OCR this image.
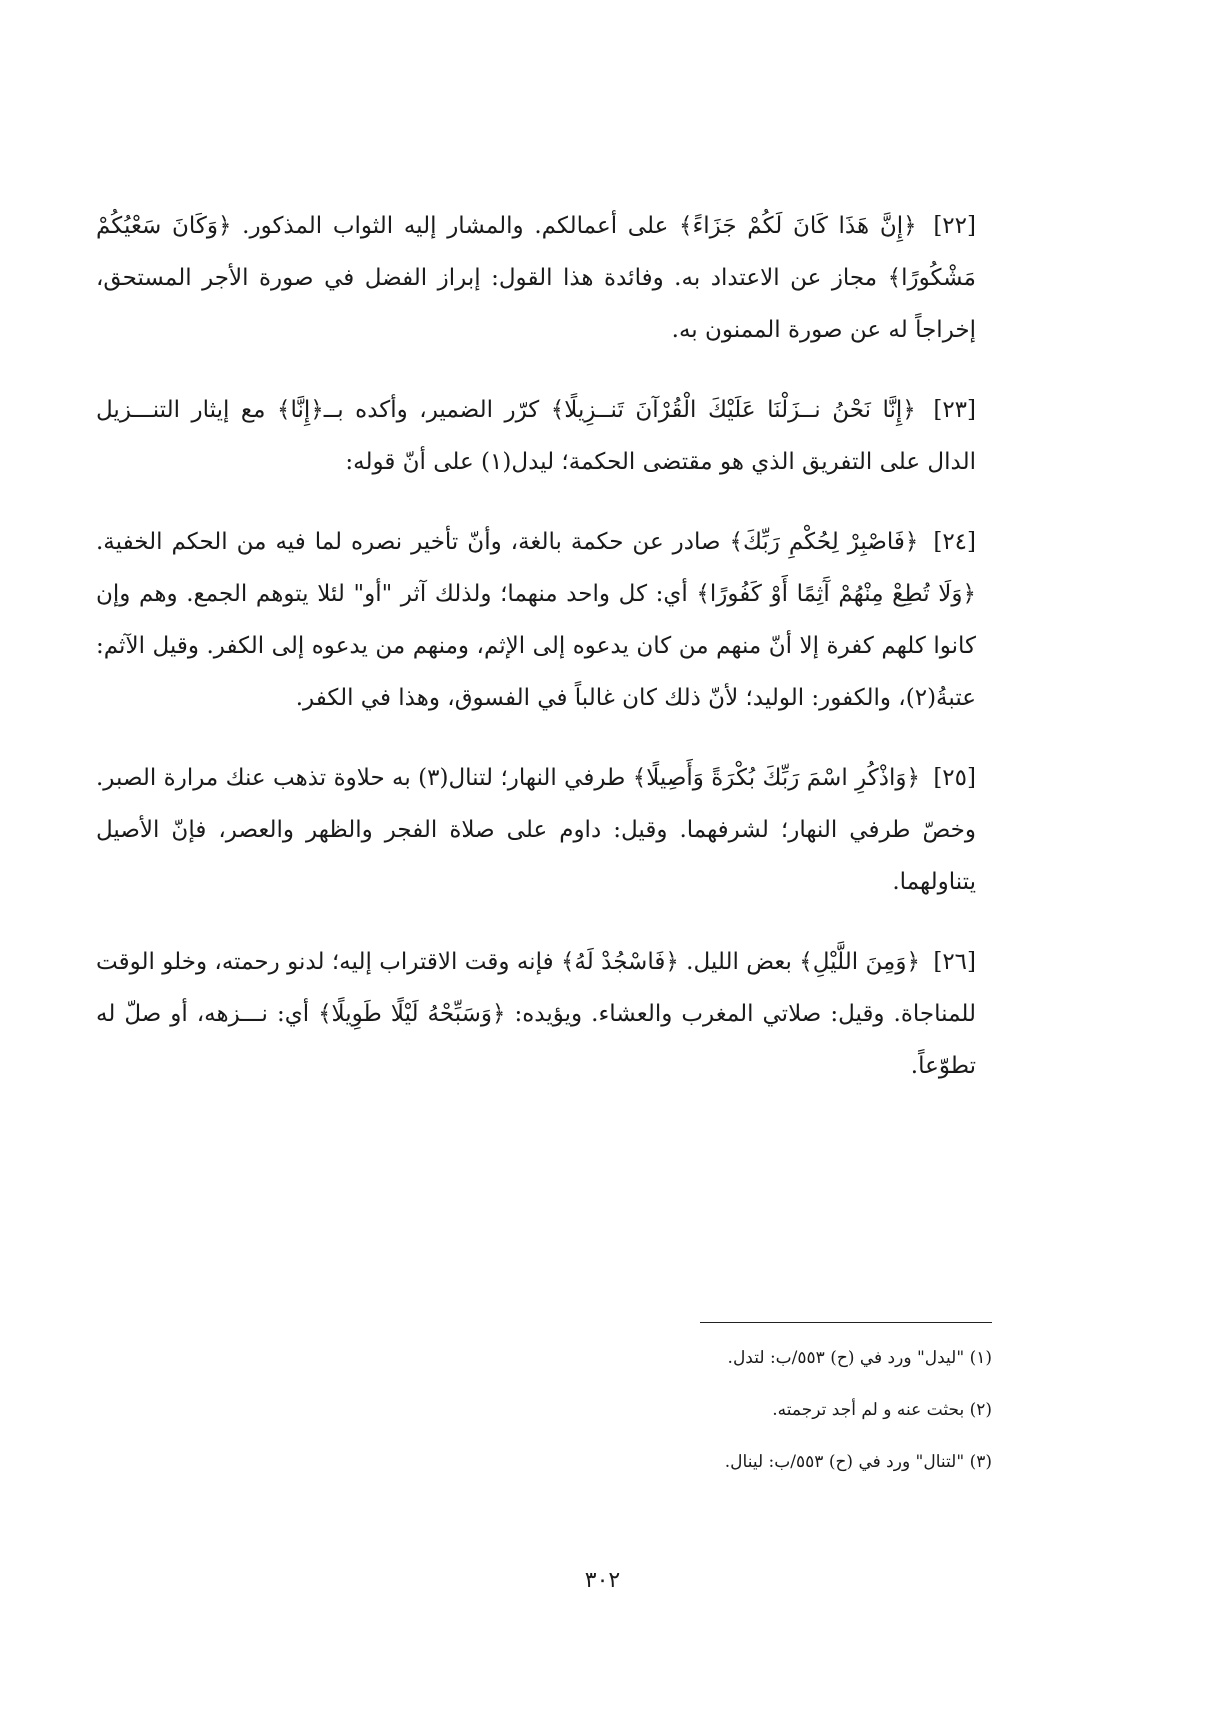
[٢٢] ﴿إِنَّ هَذَا كَانَ لَكُمْ جَزَاءً﴾ على أعمالكم. والمشار إليه الثواب المذكور. ﴿وَكَانَ سَعْيُكُمْ مَشْكُورًا﴾ مجاز عن الاعتداد به. وفائدة هذا القول: إبراز الفضل في صورة الأجر المستحق، إخراجاً له عن صورة الممنون به.

[٢٣] ﴿إِنَّا نَحْنُ نــزَلْنَا عَلَيْكَ الْقُرْآنَ تَنــزِيلًا﴾ كرّر الضمير، وأكده بــ﴿إِنَّا﴾ مع إيثار التنـــزيل الدال على التفريق الذي هو مقتضى الحكمة؛ ليدل(١) على أنّ قوله:

[٢٤] ﴿فَاصْبِرْ لِحُكْمِ رَبِّكَ﴾ صادر عن حكمة بالغة، وأنّ تأخير نصره لما فيه من الحكم الخفية. ﴿وَلَا تُطِعْ مِنْهُمْ آَثِمًا أَوْ كَفُورًا﴾ أي: كل واحد منهما؛ ولذلك آثر "أو" لئلا يتوهم الجمع. وهم وإن كانوا كلهم كفرة إلا أنّ منهم من كان يدعوه إلى الإثم، ومنهم من يدعوه إلى الكفر. وقيل الآثم: عتبةُ(٢)، والكفور: الوليد؛ لأنّ ذلك كان غالباً في الفسوق، وهذا في الكفر.

[٢٥] ﴿وَاذْكُرِ اسْمَ رَبِّكَ بُكْرَةً وَأَصِيلًا﴾ طرفي النهار؛ لتنال(٣) به حلاوة تذهب عنك مرارة الصبر. وخصّ طرفي النهار؛ لشرفهما. وقيل: داوم على صلاة الفجر والظهر والعصر، فإنّ الأصيل يتناولهما.

[٢٦] ﴿وَمِنَ اللَّيْلِ﴾ بعض الليل. ﴿فَاسْجُدْ لَهُ﴾ فإنه وقت الاقتراب إليه؛ لدنو رحمته، وخلو الوقت للمناجاة. وقيل: صلاتي المغرب والعشاء. ويؤيده: ﴿وَسَبِّحْهُ لَيْلًا طَوِيلًا﴾ أي: نـــزهه، أو صلّ له تطوّعاً.

(١) "ليدل" ورد في (ح) ٥٥٣/ب: لتدل.

(٢) بحثت عنه و لم أجد ترجمته.

(٣) "لتنال" ورد في (ح) ٥٥٣/ب: لينال.

٣٠٢
